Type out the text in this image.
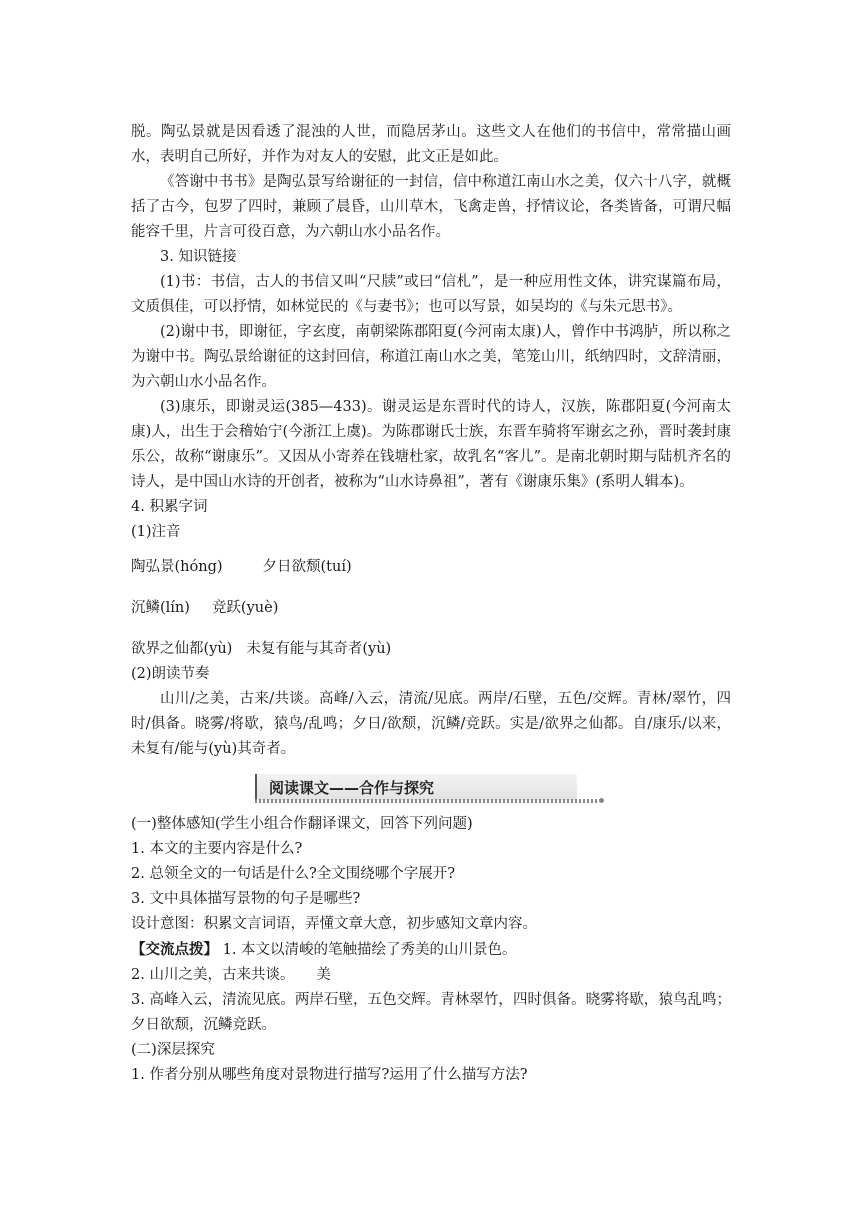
脱。陶弘景就是因看透了混浊的人世，而隐居茅山。这些文人在他们的书信中，常常描山画水，表明自己所好，并作为对友人的安慰，此文正是如此。

《答谢中书书》是陶弘景写给谢征的一封信，信中称道江南山水之美，仅六十八字，就概括了古今，包罗了四时，兼顾了晨昏，山川草木，飞禽走兽，抒情议论，各类皆备，可谓尺幅能容千里，片言可役百意，为六朝山水小品名作。

3. 知识链接

(1)书：书信，古人的书信又叫“尺牍”或曰“信札”，是一种应用性文体，讲究谋篇布局，文质俱佳，可以抒情，如林觉民的《与妻书》；也可以写景，如吴均的《与朱元思书》。

(2)谢中书，即谢征，字玄度，南朝梁陈郡阳夏(今河南太康)人，曾作中书鸿胪，所以称之为谢中书。陶弘景给谢征的这封回信，称道江南山水之美，笔笼山川，纸纳四时，文辞清丽，为六朝山水小品名作。

(3)康乐，即谢灵运(385—433)。谢灵运是东晋时代的诗人，汉族，陈郡阳夏(今河南太康)人，出生于会稽始宁(今浙江上虞)。为陈郡谢氏士族，东晋车骑将军谢玄之孙，晋时袭封康乐公，故称“谢康乐”。又因从小寄养在钱塘杜家，故乳名“客儿”。是南北朝时期与陆机齐名的诗人，是中国山水诗的开创者，被称为“山水诗鼻祖”，著有《谢康乐集》(系明人辑本)。

4. 积累字词

(1)注音

陶弘景(hóng)	夕日欲颓(tuí)

沉鳞(lín) 竞跃(yuè)

欲界之仙都(yù) 未复有能与其奇者(yù)

(2)朗读节奏

山川/之美，古来/共谈。高峰/入云，清流/见底。两岸/石壁，五色/交辉。青林/翠竹，四时/俱备。晓雾/将歇，猿鸟/乱鸣；夕日/欲颓，沉鳞/竞跃。实是/欲界之仙都。自/康乐/以来，未复有/能与(yù)其奇者。

阅读课文——合作与探究

(一)整体感知(学生小组合作翻译课文，回答下列问题)

1. 本文的主要内容是什么?

2. 总领全文的一句话是什么?全文围绕哪个字展开?

3. 文中具体描写景物的句子是哪些?

设计意图：积累文言词语，弄懂文章大意，初步感知文章内容。

【交流点拨】 1. 本文以清峻的笔触描绘了秀美的山川景色。

2. 山川之美，古来共谈。　　美

3. 高峰入云，清流见底。两岸石壁，五色交辉。青林翠竹，四时俱备。晓雾将歇，猿鸟乱鸣；夕日欲颓，沉鳞竞跃。

(二)深层探究

1. 作者分别从哪些角度对景物进行描写?运用了什么描写方法?
